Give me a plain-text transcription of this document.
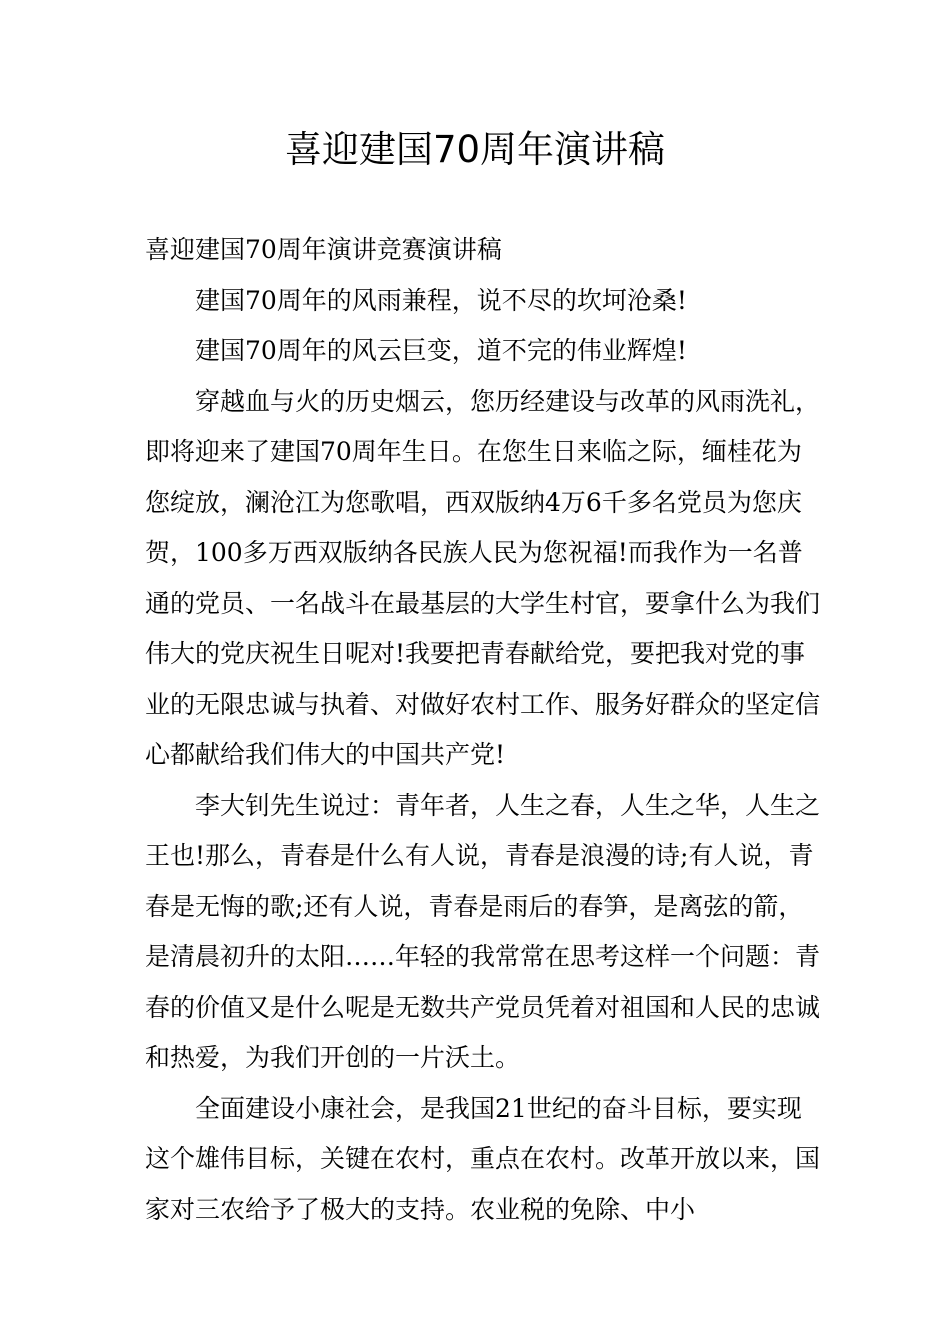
喜迎建国70周年演讲稿

喜迎建国70周年演讲竞赛演讲稿

建国70周年的风雨兼程，说不尽的坎坷沧桑!

建国70周年的风云巨变，道不完的伟业辉煌!

穿越血与火的历史烟云，您历经建设与改革的风雨洗礼，即将迎来了建国70周年生日。在您生日来临之际，缅桂花为您绽放，澜沧江为您歌唱，西双版纳4万6千多名党员为您庆贺，100多万西双版纳各民族人民为您祝福!而我作为一名普通的党员、一名战斗在最基层的大学生村官，要拿什么为我们伟大的党庆祝生日呢对!我要把青春献给党，要把我对党的事业的无限忠诚与执着、对做好农村工作、服务好群众的坚定信心都献给我们伟大的中国共产党!

李大钊先生说过：青年者，人生之春，人生之华，人生之王也!那么，青春是什么有人说，青春是浪漫的诗;有人说，青春是无悔的歌;还有人说，青春是雨后的春笋，是离弦的箭，是清晨初升的太阳……年轻的我常常在思考这样一个问题：青春的价值又是什么呢是无数共产党员凭着对祖国和人民的忠诚和热爱，为我们开创的一片沃土。

全面建设小康社会，是我国21世纪的奋斗目标，要实现这个雄伟目标，关键在农村，重点在农村。改革开放以来，国家对三农给予了极大的支持。农业税的免除、中小
